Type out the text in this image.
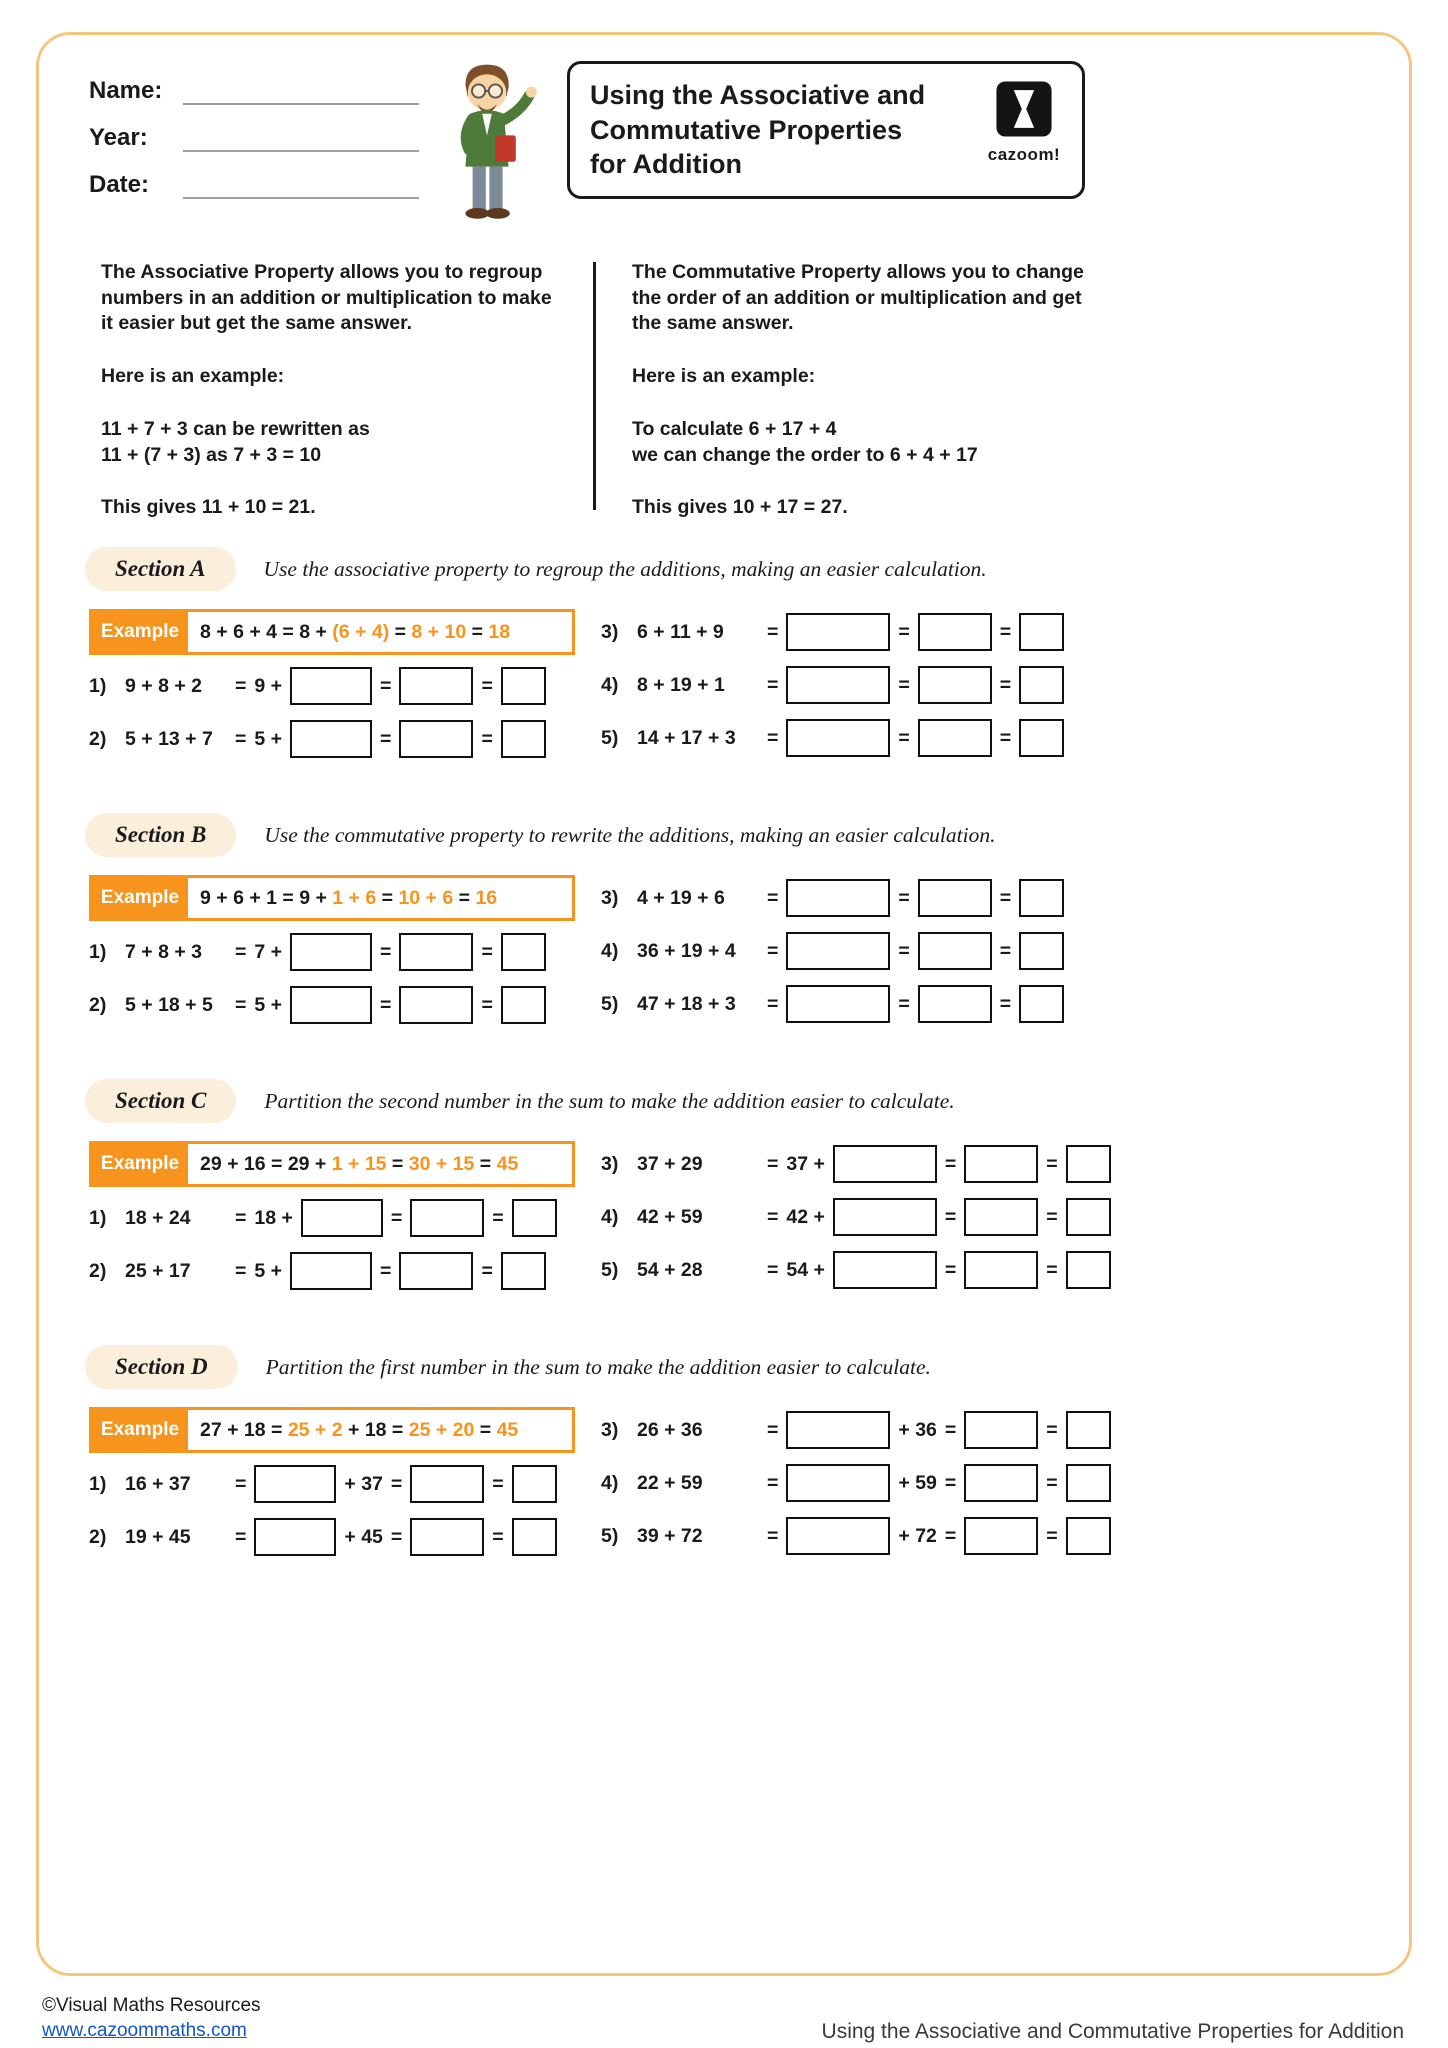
Name:
Year:
Date:
Using the Associative and
Commutative Properties
for Addition	cazoom!

The Associative Property allows you to regroup numbers in an addition or multiplication to make it easier but get the same answer.

Here is an example:

11 + 7 + 3 can be rewritten as
11 + (7 + 3) as 7 + 3 = 10

This gives 11 + 10 = 21.

The Commutative Property allows you to change the order of an addition or multiplication and get the same answer.

Here is an example:

To calculate 6 + 17 + 4
we can change the order to 6 + 4 + 17

This gives 10 + 17 = 27.

Section A	Use the associative property to regroup the additions, making an easier calculation.
Example	8 + 6 + 4 = 8 + (6 + 4) = 8 + 10 = 18
1) 9 + 8 + 2	= 9 +	=	=
2) 5 + 13 + 7	= 5 +	=	=
3) 6 + 11 + 9	=	=	=
4) 8 + 19 + 1	=	=	=
5) 14 + 17 + 3	=	=	=
Section B	Use the commutative property to rewrite the additions, making an easier calculation.
Example	9 + 6 + 1 = 9 + 1 + 6 = 10 + 6 = 16
1) 7 + 8 + 3	= 7 +	=	=
2) 5 + 18 + 5	= 5 +	=	=
3) 4 + 19 + 6	=	=	=
4) 36 + 19 + 4	=	=	=
5) 47 + 18 + 3	=	=	=
Section C	Partition the second number in the sum to make the addition easier to calculate.
Example	29 + 16 = 29 + 1 + 15 = 30 + 15 = 45
1) 18 + 24	= 18 +	=	=
2) 25 + 17	= 5 +	=	=
3) 37 + 29	= 37 +	=	=
4) 42 + 59	= 42 +	=	=
5) 54 + 28	= 54 +	=	=
Section D	Partition the first number in the sum to make the addition easier to calculate.
Example	27 + 18 = 25 + 2 + 18 = 25 + 20 = 45
1) 16 + 37	=	+ 37 =	=
2) 19 + 45	=	+ 45 =	=
3) 26 + 36	=	+ 36 =	=
4) 22 + 59	=	+ 59 =	=
5) 39 + 72	=	+ 72 =	=
©Visual Maths Resources
www.cazoommaths.com	Using the Associative and Commutative Properties for Addition
